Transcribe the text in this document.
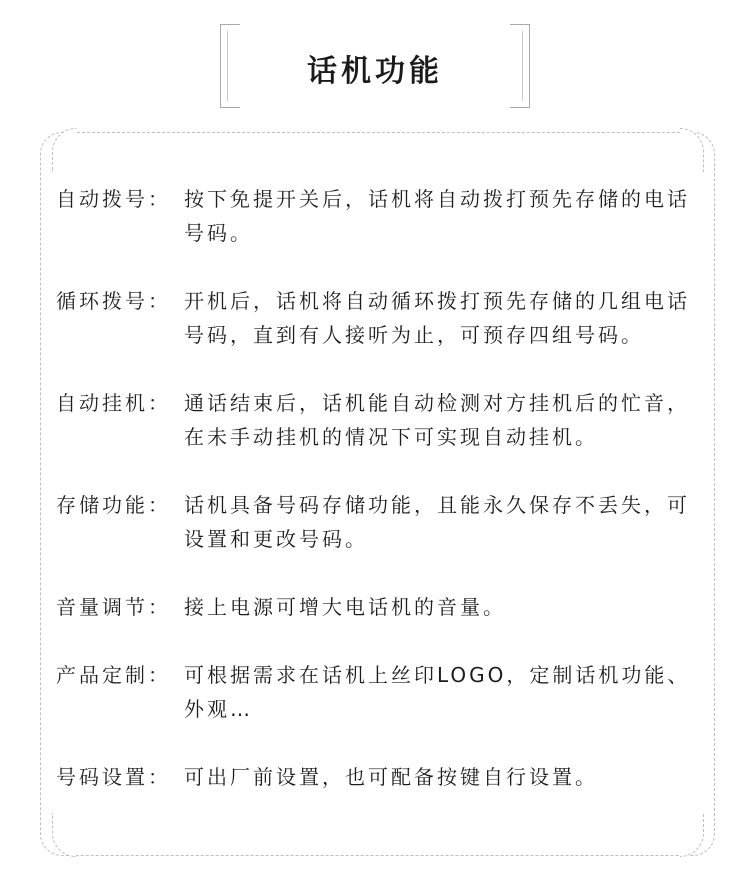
话机功能
自动拨号： 按下免提开关后，话机将自动拨打预先存储的电话号码。
循环拨号： 开机后，话机将自动循环拨打预先存储的几组电话号码，直到有人接听为止，可预存四组号码。
自动挂机： 通话结束后，话机能自动检测对方挂机后的忙音，在未手动挂机的情况下可实现自动挂机。
存储功能： 话机具备号码存储功能，且能永久保存不丢失，可设置和更改号码。
音量调节： 接上电源可增大电话机的音量。
产品定制： 可根据需求在话机上丝印LOGO，定制话机功能、外观…
号码设置： 可出厂前设置，也可配备按键自行设置。
